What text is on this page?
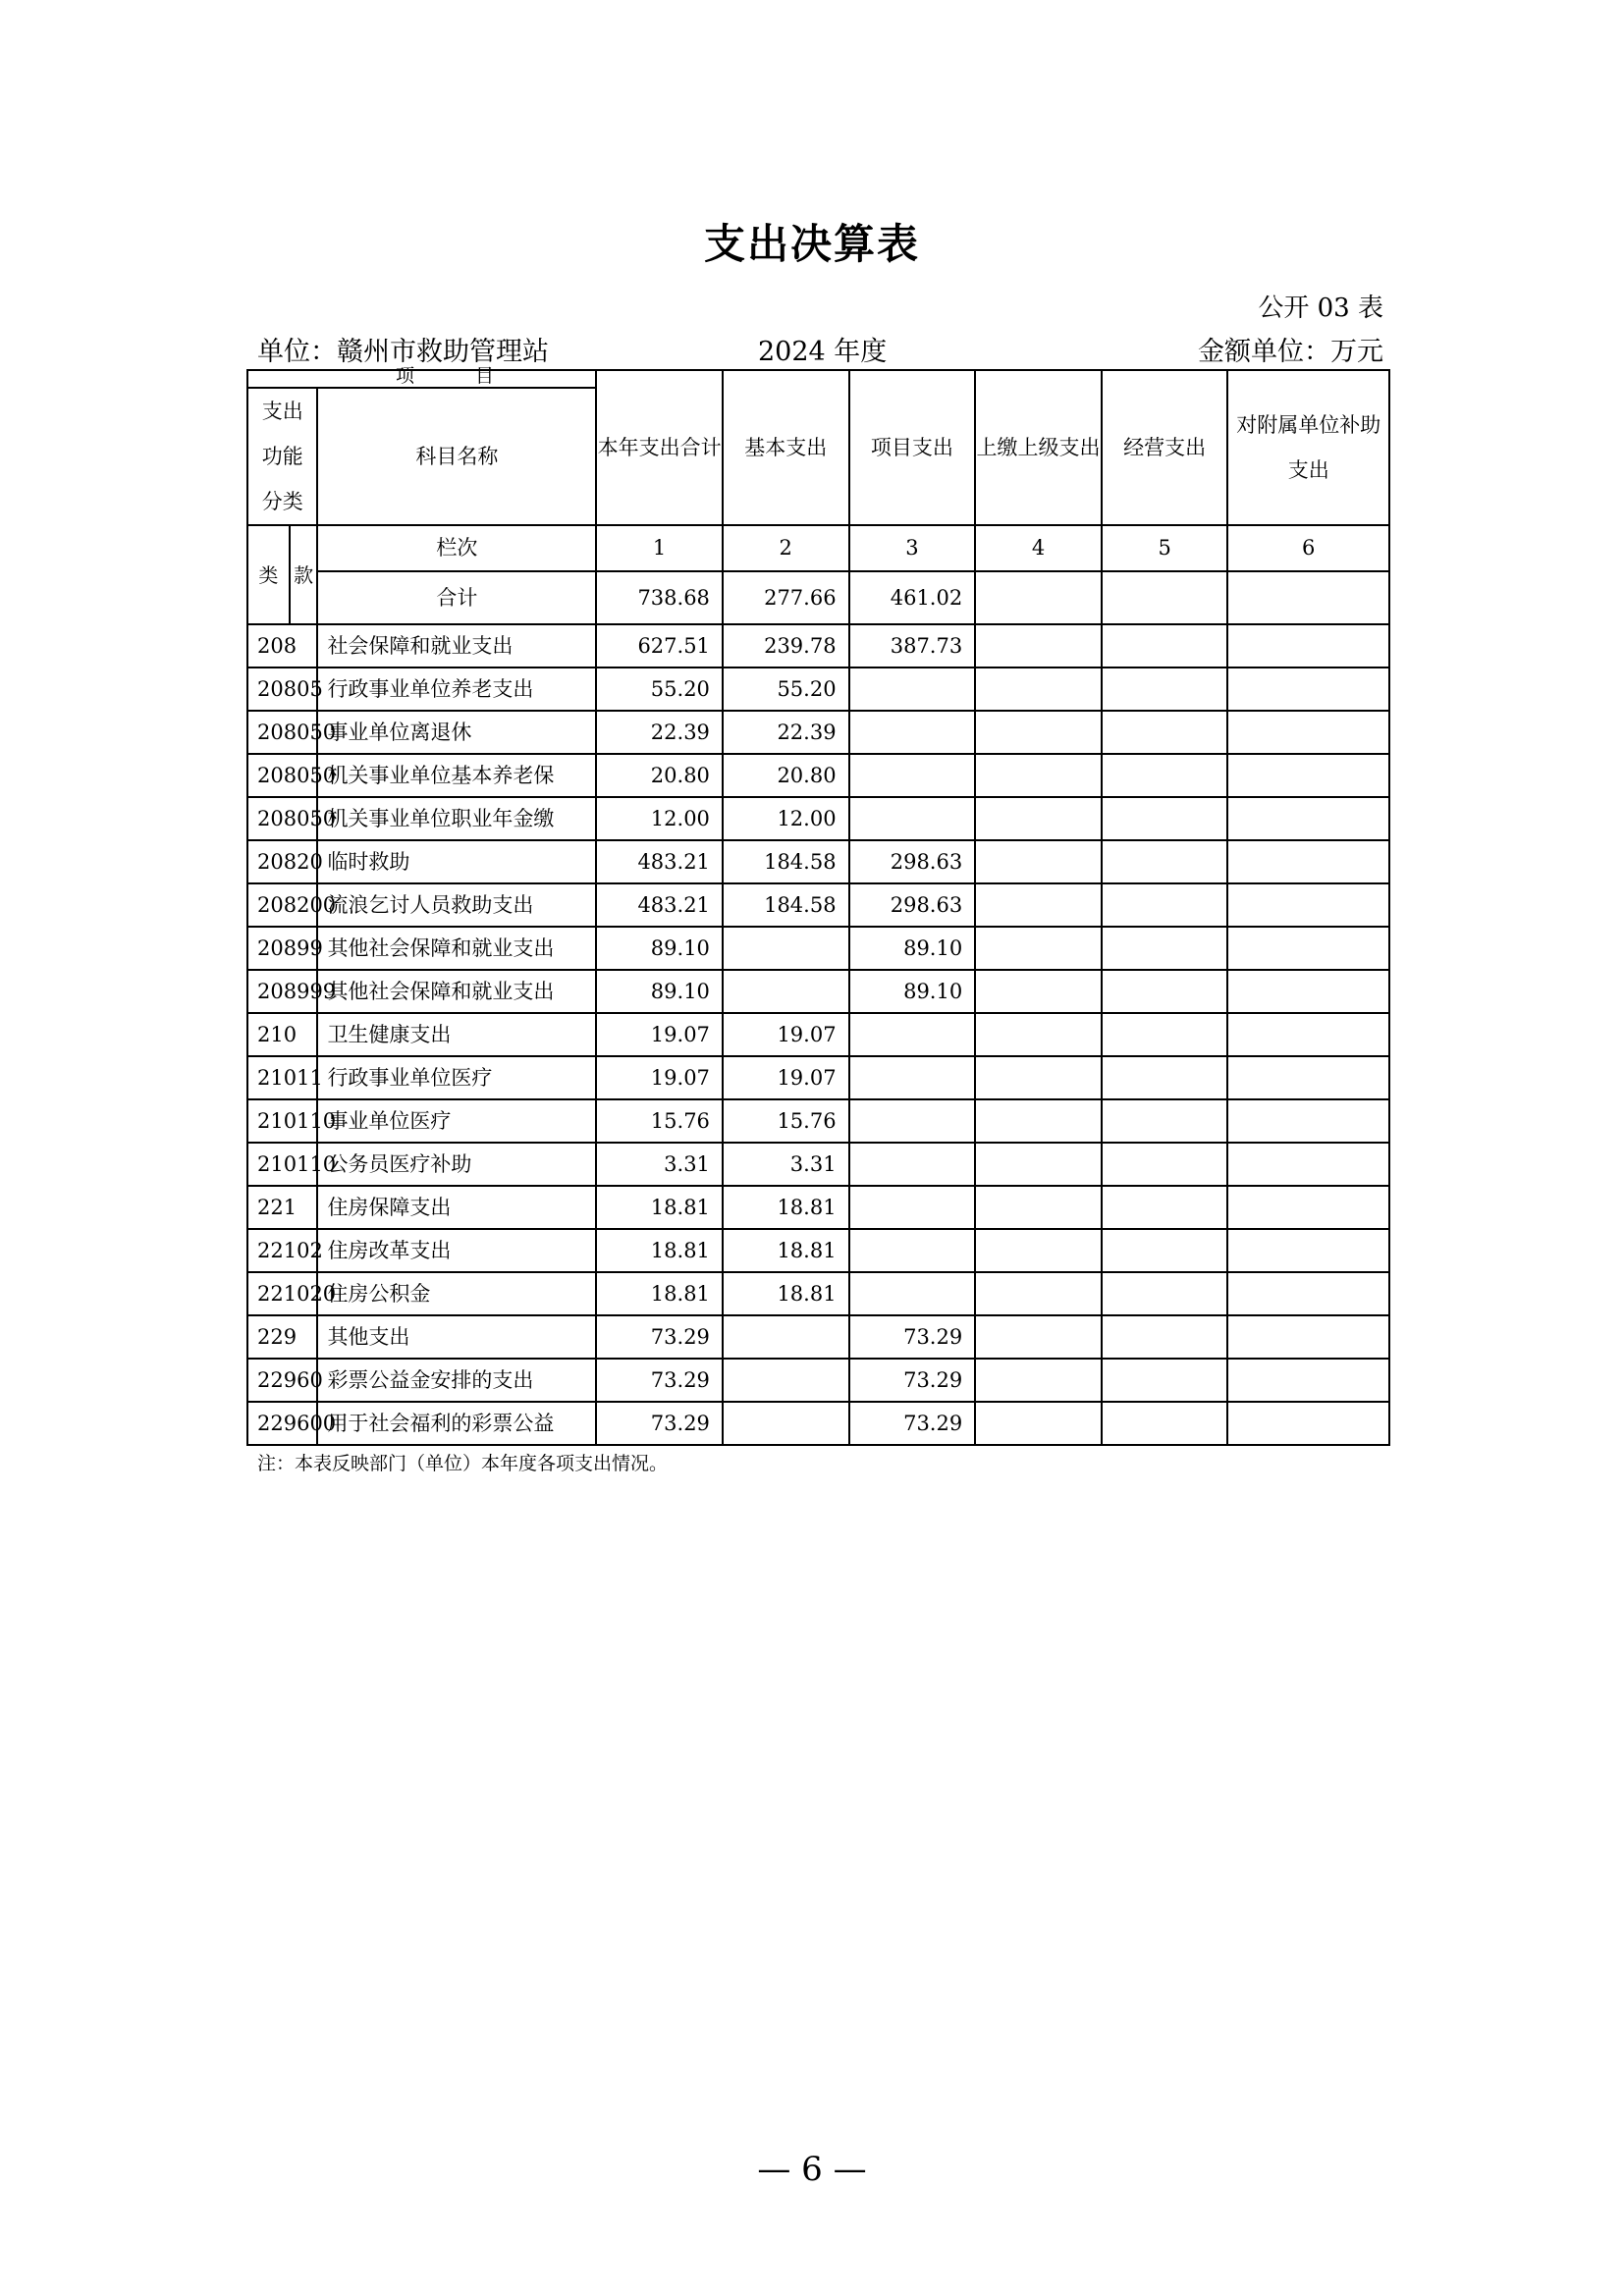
支出决算表
公开 03 表
单位：赣州市救助管理站	2024 年度	金额单位：万元
项 目			本年支出合计	基本支出	项目支出	上缴上级支出	经营支出	对附属单位补助支出
支出功能分类		科目名称						
类	款	栏次	1	2	3	4	5	6
		合计	738.68	277.66	461.02			
208		社会保障和就业支出	627.51	239.78	387.73			
20805		行政事业单位养老支出	55.20	55.20				
208050		事业单位离退休	22.39	22.39				
208050		机关事业单位基本养老保	20.80	20.80				
208050		机关事业单位职业年金缴	12.00	12.00				
20820		临时救助	483.21	184.58	298.63			
208200		流浪乞讨人员救助支出	483.21	184.58	298.63			
20899		其他社会保障和就业支出	89.10		89.10			
208999		其他社会保障和就业支出	89.10		89.10			
210		卫生健康支出	19.07	19.07				
21011		行政事业单位医疗	19.07	19.07				
210110		事业单位医疗	15.76	15.76				
210110		公务员医疗补助	3.31	3.31				
221		住房保障支出	18.81	18.81				
22102		住房改革支出	18.81	18.81				
221020		住房公积金	18.81	18.81				
229		其他支出	73.29		73.29			
22960		彩票公益金安排的支出	73.29		73.29			
229600		用于社会福利的彩票公益	73.29		73.29			
注：本表反映部门（单位）本年度各项支出情况。
— 6 —
